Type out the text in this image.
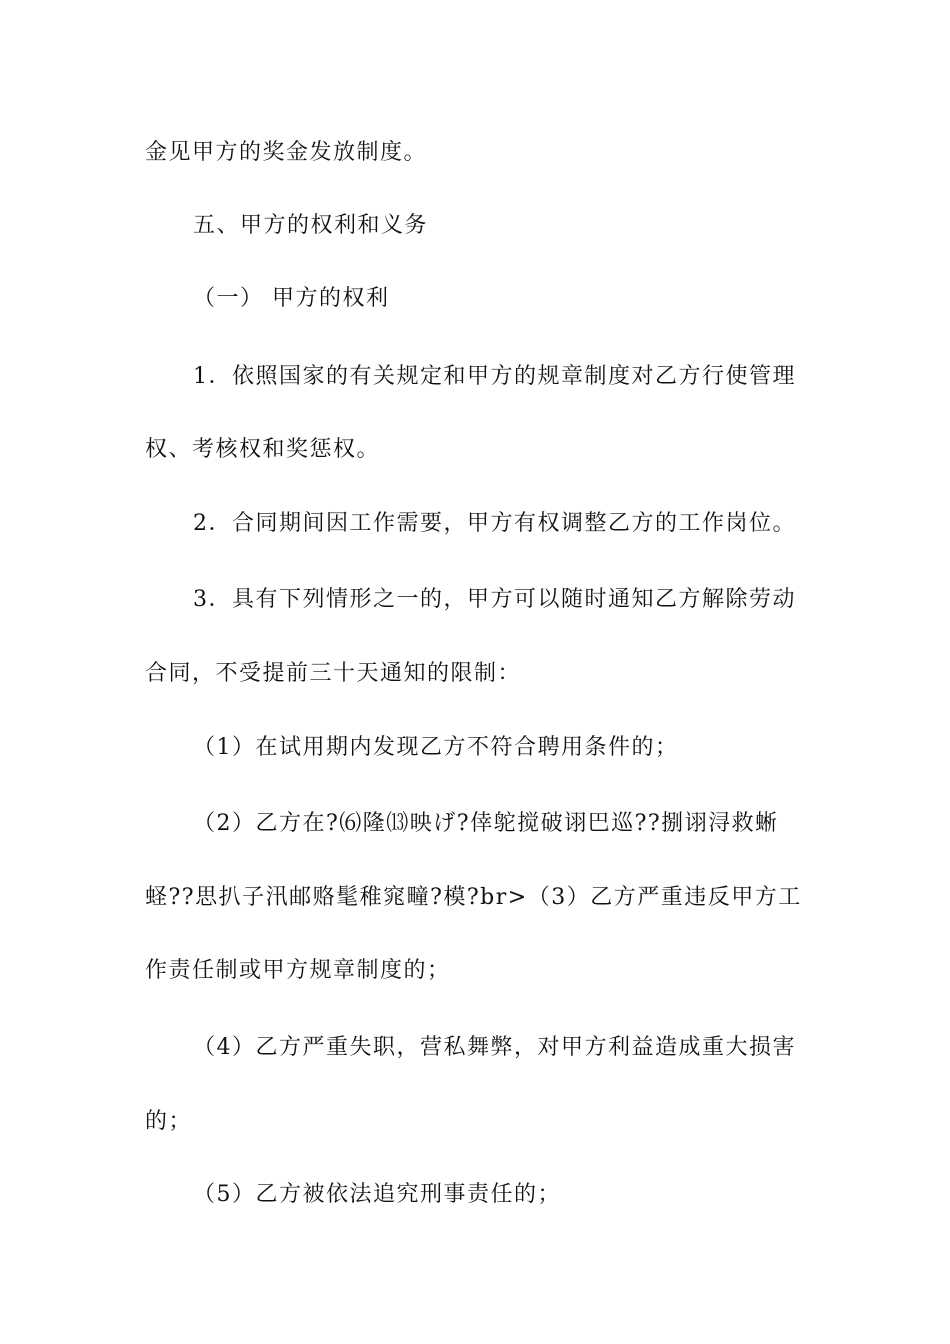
金见甲方的奖金发放制度。
五、甲方的权利和义务
（一） 甲方的权利
1．依照国家的有关规定和甲方的规章制度对乙方行使管理
权、考核权和奖惩权。
2．合同期间因工作需要，甲方有权调整乙方的工作岗位。
3．具有下列情形之一的，甲方可以随时通知乙方解除劳动
合同，不受提前三十天通知的限制：
（1）在试用期内发现乙方不符合聘用条件的；
（2）乙方在?⑹隆⒀映げ?倖鸵搅破诩巴巡??捌诩浔救蜥
蛏??思扒子汛邮赂髦稚窕疃?模?br>（3）乙方严重违反甲方工
作责任制或甲方规章制度的；
（4）乙方严重失职，营私舞弊，对甲方利益造成重大损害
的；
（5）乙方被依法追究刑事责任的；
